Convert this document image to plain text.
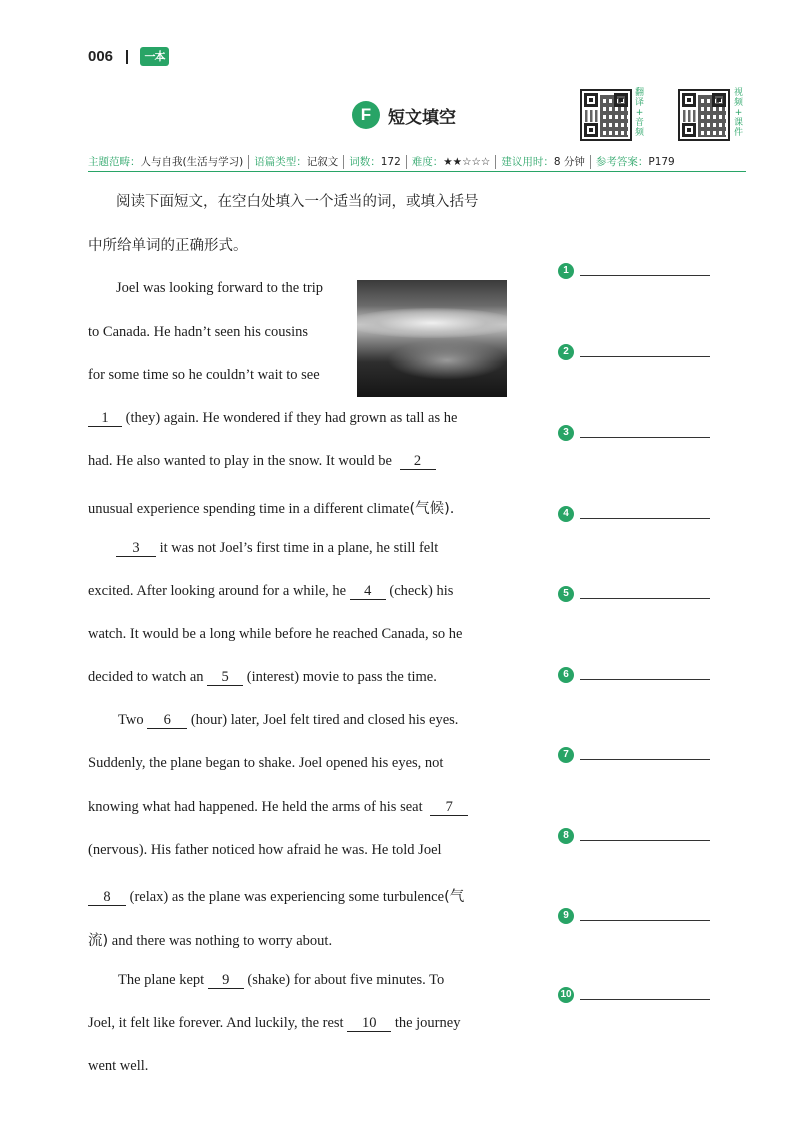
006	一本
F 短文填空
翻
译
+
音
频
视
频
+
课
件
主题范畴：人与自我(生活与学习) 语篇类型：记叙文 词数：172 难度：★★☆☆☆ 建议用时：8 分钟 参考答案：P179
阅读下面短文，在空白处填入一个适当的词，或填入括号
中所给单词的正确形式。
Joel was looking forward to the trip
to Canada. He hadn’t seen his cousins
for some time so he couldn’t wait to see
1 (they) again. He wondered if they had grown as tall as he
had. He also wanted to play in the snow. It would be 2
unusual experience spending time in a different climate(气候).
3 it was not Joel’s first time in a plane, he still felt
excited. After looking around for a while, he 4 (check) his
watch. It would be a long while before he reached Canada, so he
decided to watch an 5 (interest) movie to pass the time.
Two 6 (hour) later, Joel felt tired and closed his eyes.
Suddenly, the plane began to shake. Joel opened his eyes, not
knowing what had happened. He held the arms of his seat 7
(nervous). His father noticed how afraid he was. He told Joel
8 (relax) as the plane was experiencing some turbulence(气
流) and there was nothing to worry about.
The plane kept 9 (shake) for about five minutes. To
Joel, it felt like forever. And luckily, the rest 10 the journey
went well.
1
2
3
4
5
6
7
8
9
10
